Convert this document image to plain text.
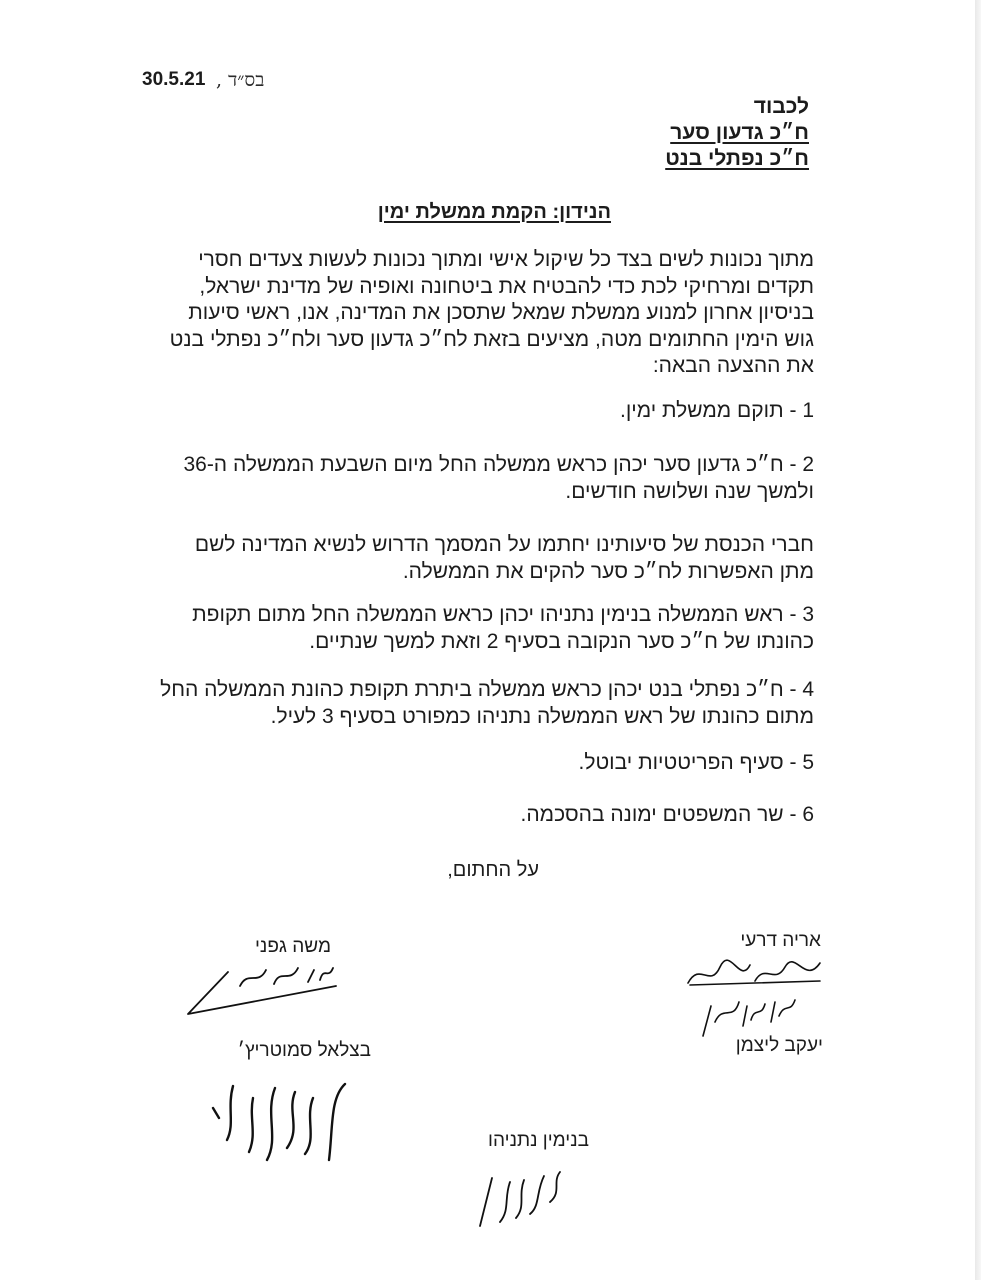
30.5.21 בס״ד ,
לכבוד
ח״כ גדעון סער
ח״כ נפתלי בנט
הנידון: הקמת ממשלת ימין
מתוך נכונות לשים בצד כל שיקול אישי ומתוך נכונות לעשות צעדים חסרי
תקדים ומרחיקי לכת כדי להבטיח את ביטחונה ואופיה של מדינת ישראל,
בניסיון אחרון למנוע ממשלת שמאל שתסכן את המדינה, אנו, ראשי סיעות
גוש הימין החתומים מטה, מציעים בזאת לח״כ גדעון סער ולח״כ נפתלי בנט
את ההצעה הבאה:
1 - תוקם ממשלת ימין.
2 - ח״כ גדעון סער יכהן כראש ממשלה החל מיום השבעת הממשלה ה-36
ולמשך שנה ושלושה חודשים.
חברי הכנסת של סיעותינו יחתמו על המסמך הדרוש לנשיא המדינה לשם
מתן האפשרות לח״כ סער להקים את הממשלה.
3 - ראש הממשלה בנימין נתניהו יכהן כראש הממשלה החל מתום תקופת
כהונתו של ח״כ סער הנקובה בסעיף 2 וזאת למשך שנתיים.
4 - ח״כ נפתלי בנט יכהן כראש ממשלה ביתרת תקופת כהונת הממשלה החל
מתום כהונתו של ראש הממשלה נתניהו כמפורט בסעיף 3 לעיל.
5 - סעיף הפריטטיות יבוטל.
6 - שר המשפטים ימונה בהסכמה.
על החתום,
אריה דרעי
משה גפני
יעקב ליצמן
בצלאל סמוטריץ׳
בנימין נתניהו
